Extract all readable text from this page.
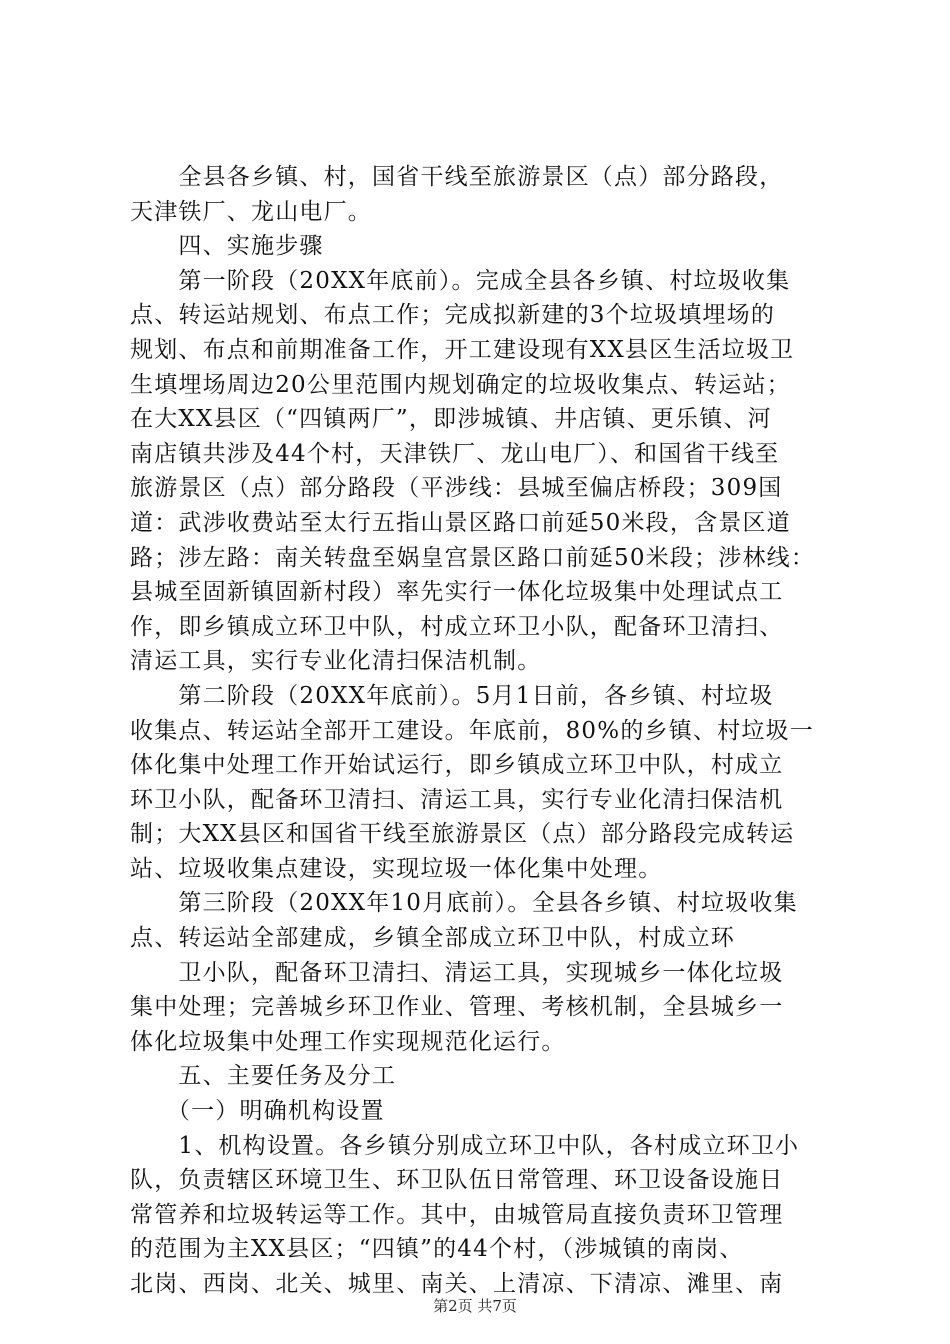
　　全县各乡镇、村，国省干线至旅游景区（点）部分路段，
天津铁厂、龙山电厂。
　　四、实施步骤
　　第一阶段（20XX年底前）。完成全县各乡镇、村垃圾收集
点、转运站规划、布点工作；完成拟新建的3个垃圾填埋场的
规划、布点和前期准备工作，开工建设现有XX县区生活垃圾卫
生填埋场周边20公里范围内规划确定的垃圾收集点、转运站；
在大XX县区（“四镇两厂”，即涉城镇、井店镇、更乐镇、河
南店镇共涉及44个村，天津铁厂、龙山电厂）、和国省干线至
旅游景区（点）部分路段（平涉线：县城至偏店桥段；309国
道：武涉收费站至太行五指山景区路口前延50米段，含景区道
路；涉左路：南关转盘至娲皇宫景区路口前延50米段；涉林线：
县城至固新镇固新村段）率先实行一体化垃圾集中处理试点工
作，即乡镇成立环卫中队，村成立环卫小队，配备环卫清扫、
清运工具，实行专业化清扫保洁机制。
　　第二阶段（20XX年底前）。5月1日前，各乡镇、村垃圾
收集点、转运站全部开工建设。年底前，80%的乡镇、村垃圾一
体化集中处理工作开始试运行，即乡镇成立环卫中队，村成立
环卫小队，配备环卫清扫、清运工具，实行专业化清扫保洁机
制；大XX县区和国省干线至旅游景区（点）部分路段完成转运
站、垃圾收集点建设，实现垃圾一体化集中处理。
　　第三阶段（20XX年10月底前）。全县各乡镇、村垃圾收集
点、转运站全部建成，乡镇全部成立环卫中队，村成立环
　　卫小队，配备环卫清扫、清运工具，实现城乡一体化垃圾
集中处理；完善城乡环卫作业、管理、考核机制，全县城乡一
体化垃圾集中处理工作实现规范化运行。
　　五、主要任务及分工
　　（一）明确机构设置
　　1、机构设置。各乡镇分别成立环卫中队，各村成立环卫小
队，负责辖区环境卫生、环卫队伍日常管理、环卫设备设施日
常管养和垃圾转运等工作。其中，由城管局直接负责环卫管理
的范围为主XX县区；“四镇”的44个村，（涉城镇的南岗、
北岗、西岗、北关、城里、南关、上清凉、下清凉、滩里、南
第2页 共7页
